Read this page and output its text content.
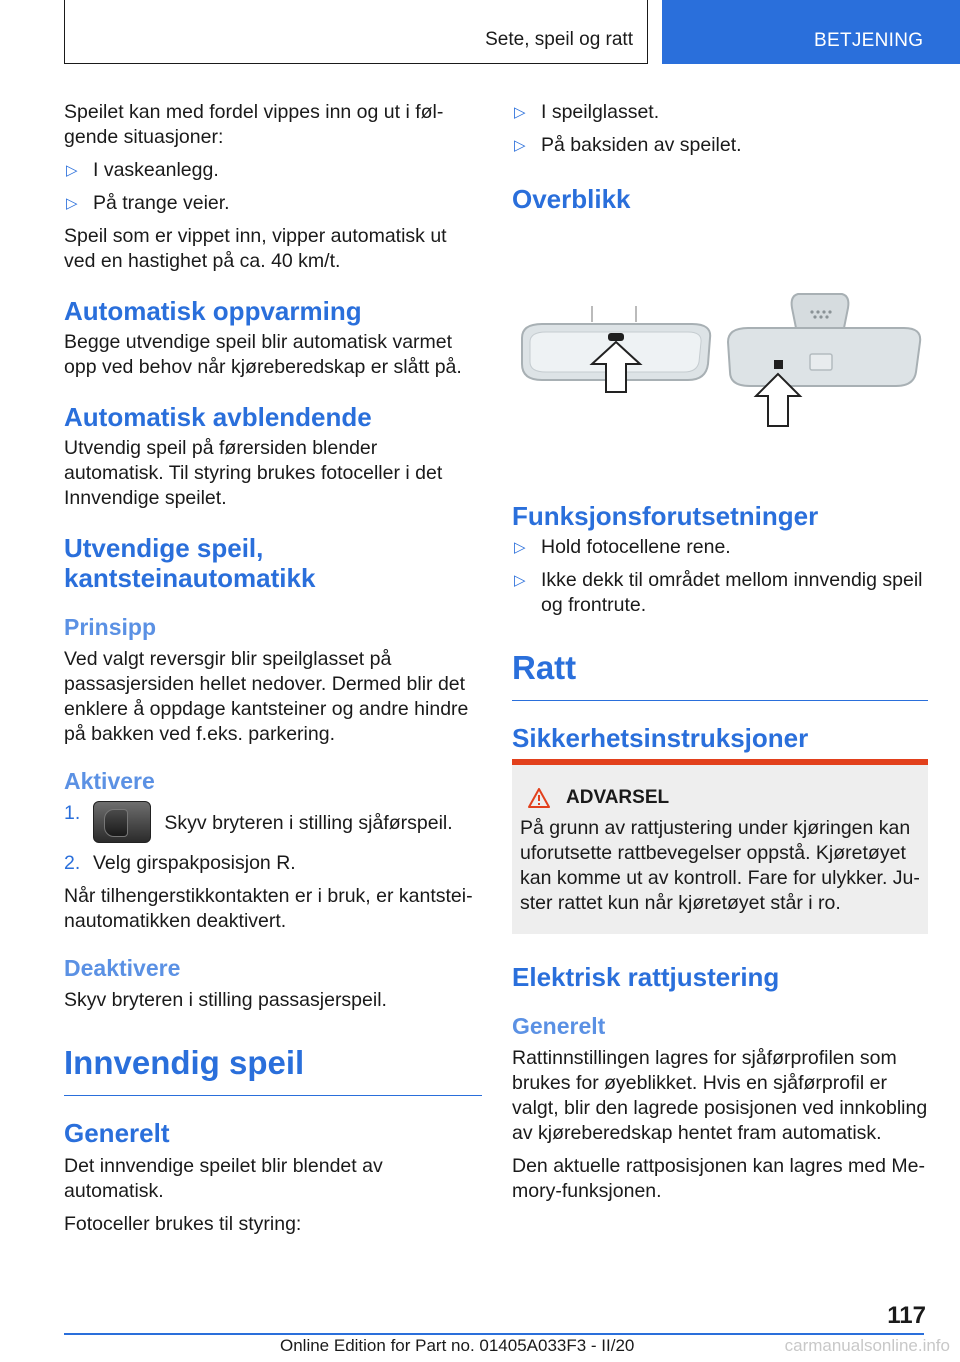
Sete, speil og ratt	BETJENING

Speilet kan med fordel vippes inn og ut i følgende situasjoner:

▷ I vaskeanlegg.
▷ På trange veier.

Speil som er vippet inn, vipper automatisk ut ved en hastighet på ca. 40 km/t.

Automatisk oppvarming

Begge utvendige speil blir automatisk varmet opp ved behov når kjøreberedskap er slått på.

Automatisk avblendende

Utvendig speil på førersiden blender automatisk. Til styring brukes fotoceller i det Innvendige speilet.

Utvendige speil, kantsteinautomatikk
Prinsipp

Ved valgt reversgir blir speilglasset på passasjersiden hellet nedover. Dermed blir det enklere å oppdage kantsteiner og andre hindre på bakken ved f.eks. parkering.

Aktivere
1.	Skyv bryteren i stilling sjåførspeil.
2. Velg girspakposisjon R.

Når tilhengerstikkontakten er i bruk, er kantsteinautomatikken deaktivert.

Deaktivere

Skyv bryteren i stilling passasjerspeil.

Innvendig speil
Generelt

Det innvendige speilet blir blendet av automatisk.

Fotoceller brukes til styring:

▷ I speilglasset.
▷ På baksiden av speilet.
Overblikk
Funksjonsforutsetninger
▷ Hold fotocellene rene.
▷ Ikke dekk til området mellom innvendig speil og frontrute.
Ratt
Sikkerhetsinstruksjoner
ADVARSEL
På grunn av rattjustering under kjøringen kan uforutsette rattbevegelser oppstå. Kjøretøyet kan komme ut av kontroll. Fare for ulykker. Juster rattet kun når kjøretøyet står i ro.
Elektrisk rattjustering
Generelt

Rattinnstillingen lagres for sjåførprofilen som brukes for øyeblikket. Hvis en sjåførprofil er valgt, blir den lagrede posisjonen ved innkobling av kjøreberedskap hentet fram automatisk.

Den aktuelle rattposisjonen kan lagres med Memory-funksjonen.

117
Online Edition for Part no. 01405A033F3 - II/20	carmanualsonline.info
